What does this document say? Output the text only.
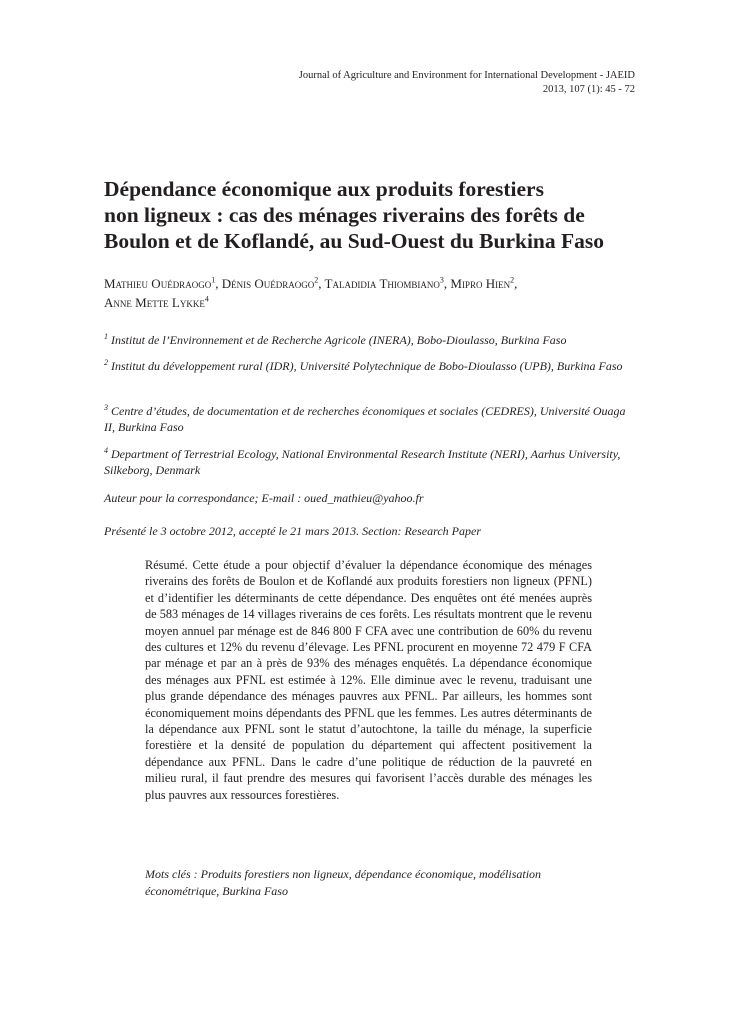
Journal of Agriculture and Environment for International Development - JAEID
2013, 107 (1): 45 - 72
Dépendance économique aux produits forestiers
non ligneux : cas des ménages riverains des forêts de
Boulon et de Koflandé, au Sud-Ouest du Burkina Faso
Mathieu Ouédraogo$^1$, Dénis Ouédraogo$^2$, Taladidia Thiombiano$^3$, Mipro Hien$^2$,
Anne Mette Lykke$^4$
$^1$ Institut de l’Environnement et de Recherche Agricole (INERA), Bobo-Dioulasso, Burkina Faso
$^2$ Institut du développement rural (IDR), Université Polytechnique de Bobo-Dioulasso (UPB), Burkina Faso
$^3$ Centre d’études, de documentation et de recherches économiques et sociales (CEDRES), Université Ouaga II, Burkina Faso
$^4$ Department of Terrestrial Ecology, National Environmental Research Institute (NERI), Aarhus University, Silkeborg, Denmark
Auteur pour la correspondance; E-mail : oued_mathieu@yahoo.fr
Présenté le 3 octobre 2012, accepté le 21 mars 2013. Section: Research Paper

Résumé. Cette étude a pour objectif d’évaluer la dépendance économique des ménages riverains des forêts de Boulon et de Koflandé aux produits forestiers non ligneux (PFNL) et d’identifier les déterminants de cette dépendance. Des enquêtes ont été menées auprès de 583 ménages de 14 villages riverains de ces forêts. Les résultats montrent que le revenu moyen annuel par ménage est de 846 800 F CFA avec une contribution de 60% du revenu des cultures et 12% du revenu d’élevage. Les PFNL procurent en moyenne 72 479 F CFA par ménage et par an à près de 93% des ménages enquêtés. La dépendance économique des ménages aux PFNL est estimée à 12%. Elle diminue avec le revenu, traduisant une plus grande dépendance des ménages pauvres aux PFNL. Par ailleurs, les hommes sont économiquement moins dépendants des PFNL que les femmes. Les autres déterminants de la dépendance aux PFNL sont le statut d’autochtone, la taille du ménage, la superficie forestière et la densité de population du département qui affectent positivement la dépendance aux PFNL. Dans le cadre d’une politique de réduction de la pauvreté en milieu rural, il faut prendre des mesures qui favorisent l’accès durable des ménages les plus pauvres aux ressources forestières.

Mots clés : Produits forestiers non ligneux, dépendance économique, modélisation économétrique, Burkina Faso
